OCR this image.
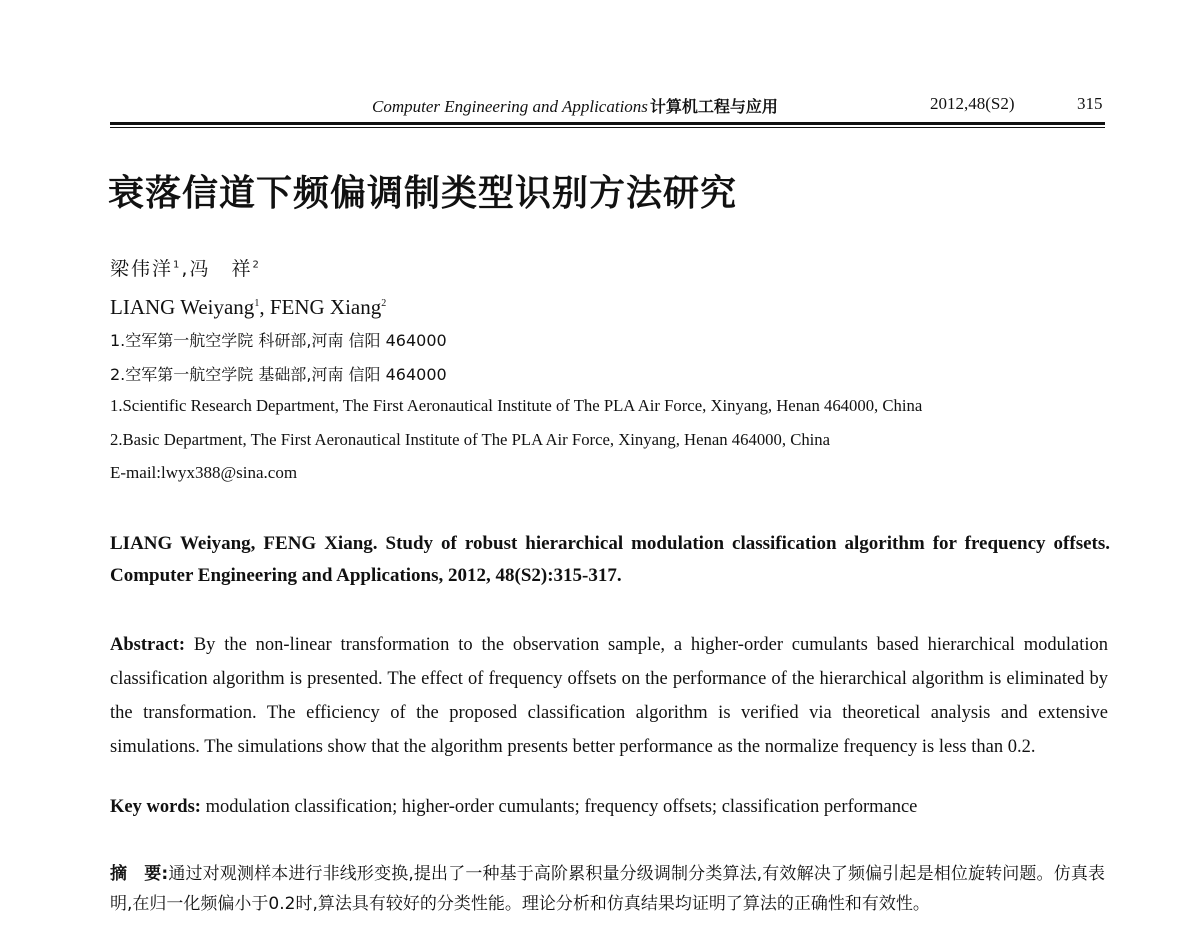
Computer Engineering and Applications 计算机工程与应用	2012,48(S2)	315
衰落信道下频偏调制类型识别方法研究
梁伟洋$^1$,冯　祥$^2$
LIANG Weiyang$^1$, FENG Xiang$^2$
1.空军第一航空学院 科研部,河南 信阳 464000
2.空军第一航空学院 基础部,河南 信阳 464000
1.Scientific Research Department, The First Aeronautical Institute of The PLA Air Force, Xinyang, Henan 464000, China
2.Basic Department, The First Aeronautical Institute of The PLA Air Force, Xinyang, Henan 464000, China
E-mail:lwyx388@sina.com
LIANG Weiyang, FENG Xiang. Study of robust hierarchical modulation classification algorithm for frequency offsets. Computer Engineering and Applications, 2012, 48(S2):315-317.
Abstract: By the non-linear transformation to the observation sample, a higher-order cumulants based hierarchical modulation classification algorithm is presented. The effect of frequency offsets on the performance of the hierarchical algorithm is eliminated by the transformation. The efficiency of the proposed classification algorithm is verified via theoretical analysis and extensive simulations. The simulations show that the algorithm presents better performance as the normalize frequency is less than 0.2.
Key words: modulation classification; higher-order cumulants; frequency offsets; classification performance
摘　要:通过对观测样本进行非线形变换,提出了一种基于高阶累积量分级调制分类算法,有效解决了频偏引起是相位旋转问题。仿真表明,在归一化频偏小于0.2时,算法具有较好的分类性能。理论分析和仿真结果均证明了算法的正确性和有效性。
